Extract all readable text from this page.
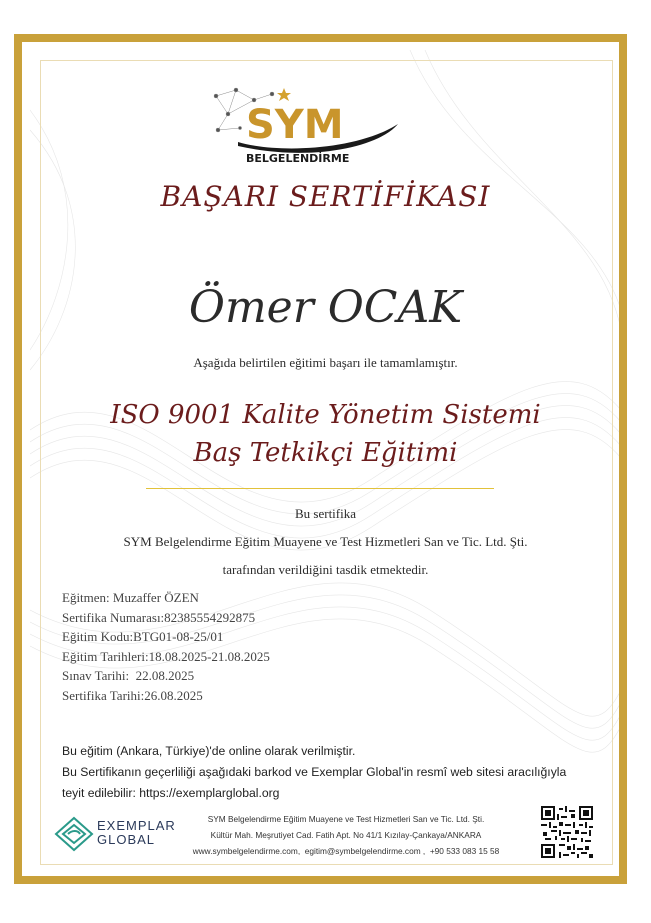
SYM
BELGELENDİRME
BAŞARI SERTİFİKASI
Ömer OCAK
Aşağıda belirtilen eğitimi başarı ile tamamlamıştır.
ISO 9001 Kalite Yönetim Sistemi
Baş Tetkikçi Eğitimi
Bu sertifika
SYM Belgelendirme Eğitim Muayene ve Test Hizmetleri San ve Tic. Ltd. Şti.
tarafından verildiğini tasdik etmektedir.
Eğitmen: Muzaffer ÖZEN
Sertifika Numarası:82385554292875
Eğitim Kodu:BTG01-08-25/01
Eğitim Tarihleri:18.08.2025-21.08.2025
Sınav Tarihi:  22.08.2025
Sertifika Tarihi:26.08.2025
Bu eğitim (Ankara, Türkiye)'de online olarak verilmiştir.
Bu Sertifikanın geçerliliği aşağıdaki barkod ve Exemplar Global'in resmî web sitesi aracılığıyla
teyit edilebilir: https://exemplarglobal.org
EXEMPLAR
GLOBAL
SYM Belgelendirme Eğitim Muayene ve Test Hizmetleri San ve Tic. Ltd. Şti.
Kültür Mah. Meşrutiyet Cad. Fatih Apt. No 41/1 Kızılay-Çankaya/ANKARA
www.symbelgelendirme.com,  egitim@symbelgelendirme.com ,  +90 533 083 15 58
